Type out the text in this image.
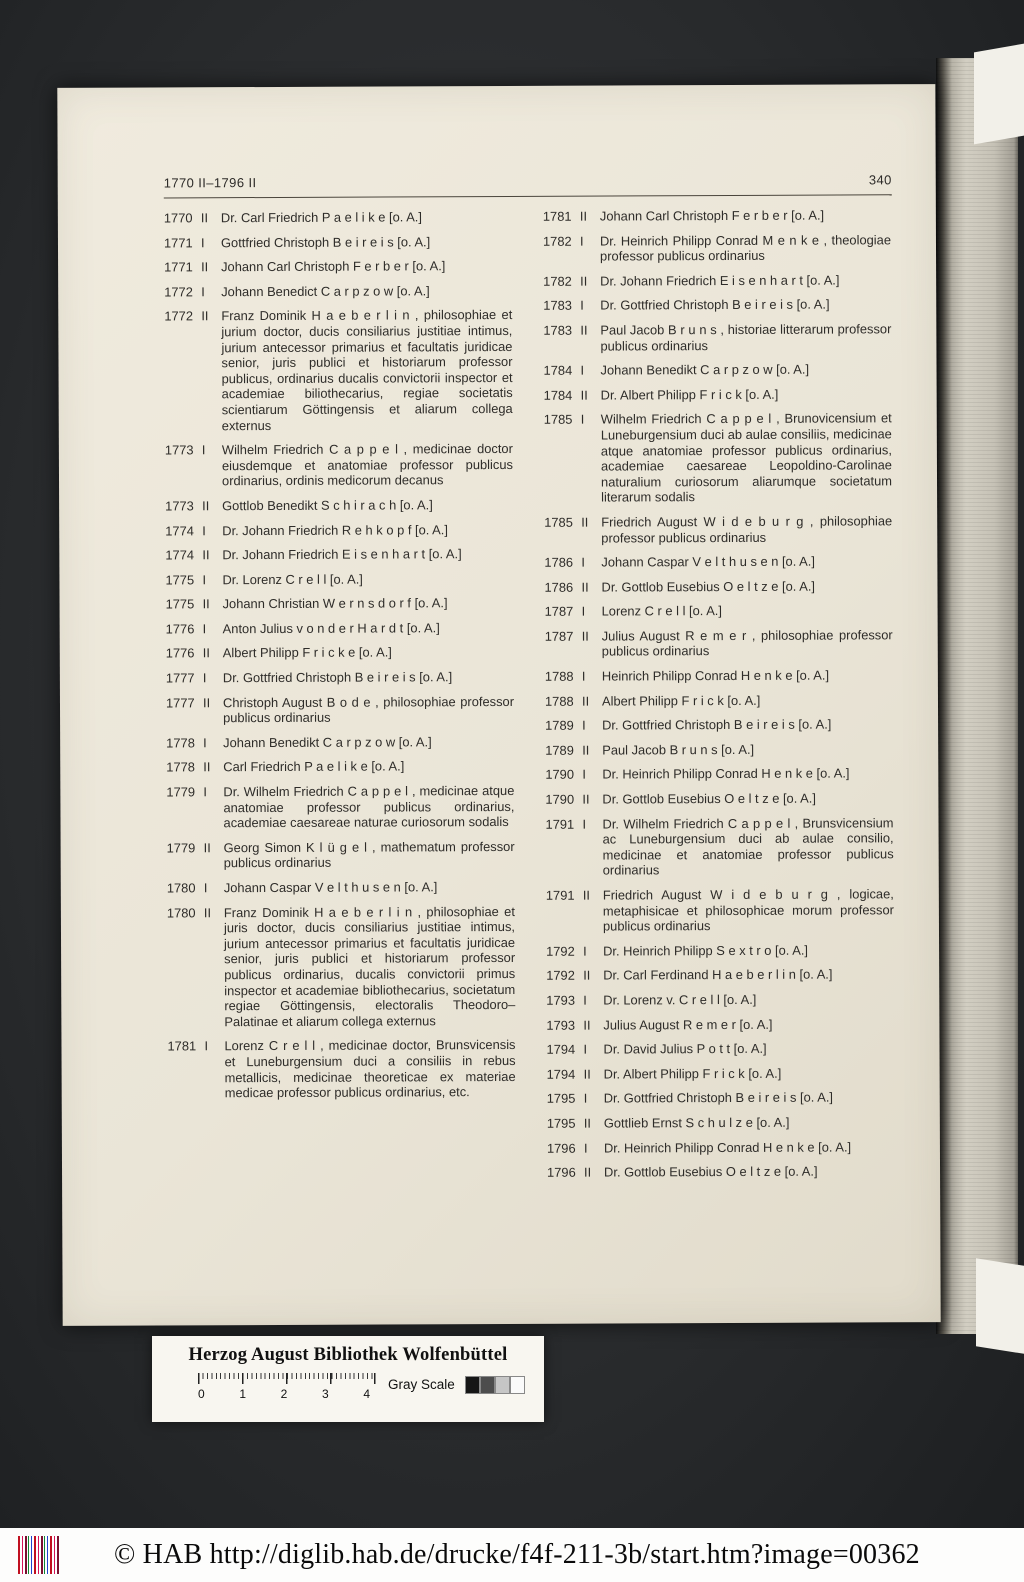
1770 II–1796 II	340
1770 II Dr. Carl Friedrich P a e l i k e [o. A.]
1771 I	Gottfried Christoph B e i r e i s [o. A.]
1771 II Johann Carl Christoph F e r b e r [o. A.]
1772 I	Johann Benedict C a r p z o w [o. A.]
1772 II Franz Dominik H a e b e r l i n , philosophiae et jurium doctor, ducis consiliarius justitiae intimus, jurium antecessor primarius et facultatis juridicae senior, juris publici et historiarum professor publicus, ordinarius ducalis convictorii inspector et academiae biliothecarius, regiae societatis scientiarum Göttingensis et aliarum collega externus
1773 I	Wilhelm Friedrich C a p p e l , medicinae doctor eiusdemque et anatomiae professor publicus ordinarius, ordinis medicorum decanus
1773 II Gottlob Benedikt S c h i r a c h [o. A.]
1774 I	Dr. Johann Friedrich R e h k o p f [o. A.]
1774 II Dr. Johann Friedrich E i s e n h a r t [o. A.]
1775 I	Dr. Lorenz C r e l l [o. A.]
1775 II Johann Christian W e r n s d o r f [o. A.]
1776 I	Anton Julius v o n d e r H a r d t [o. A.]
1776 II Albert Philipp F r i c k e [o. A.]
1777 I	Dr. Gottfried Christoph B e i r e i s [o. A.]
1777 II Christoph August B o d e , philosophiae professor publicus ordinarius
1778 I	Johann Benedikt C a r p z o w [o. A.]
1778 II Carl Friedrich P a e l i k e [o. A.]
1779 I	Dr. Wilhelm Friedrich C a p p e l , medicinae atque anatomiae professor publicus ordinarius, academiae caesareae naturae curiosorum sodalis
1779 II Georg Simon K l ü g e l , mathematum professor publicus ordinarius
1780 I	Johann Caspar V e l t h u s e n [o. A.]
1780 II Franz Dominik H a e b e r l i n , philosophiae et juris doctor, ducis consiliarius justitiae intimus, jurium antecessor primarius et facultatis juridicae senior, juris publici et historiarum professor publicus ordinarius, ducalis convictorii primus inspector et academiae bibliothecarius, societatum regiae Göttingensis, electoralis Theodoro–Palatinae et aliarum collega externus
1781 I	Lorenz C r e l l , medicinae doctor, Brunsvicensis et Luneburgensium duci a consiliis in rebus metallicis, medicinae theoreticae ex materiae medicae professor publicus ordinarius, etc.
1781 II Johann Carl Christoph F e r b e r [o. A.]
1782 I	Dr. Heinrich Philipp Conrad M e n k e , theologiae professor publicus ordinarius
1782 II Dr. Johann Friedrich E i s e n h a r t [o. A.]
1783 I	Dr. Gottfried Christoph B e i r e i s [o. A.]
1783 II Paul Jacob B r u n s , historiae litterarum professor publicus ordinarius
1784 I	Johann Benedikt C a r p z o w [o. A.]
1784 II Dr. Albert Philipp F r i c k [o. A.]
1785 I	Wilhelm Friedrich C a p p e l , Brunovicensium et Luneburgensium duci ab aulae consiliis, medicinae atque anatomiae professor publicus ordinarius, academiae caesareae Leopoldino-Carolinae naturalium curiosorum aliarumque societatum literarum sodalis
1785 II Friedrich August W i d e b u r g , philosophiae professor publicus ordinarius
1786 I	Johann Caspar V e l t h u s e n [o. A.]
1786 II Dr. Gottlob Eusebius O e l t z e [o. A.]
1787 I	Lorenz C r e l l [o. A.]
1787 II Julius August R e m e r , philosophiae professor publicus ordinarius
1788 I	Heinrich Philipp Conrad H e n k e [o. A.]
1788 II Albert Philipp F r i c k [o. A.]
1789 I	Dr. Gottfried Christoph B e i r e i s [o. A.]
1789 II Paul Jacob B r u n s [o. A.]
1790 I	Dr. Heinrich Philipp Conrad H e n k e [o. A.]
1790 II Dr. Gottlob Eusebius O e l t z e [o. A.]
1791 I	Dr. Wilhelm Friedrich C a p p e l , Brunsvicensium ac Luneburgensium duci ab aulae consilio, medicinae et anatomiae professor publicus ordinarius
1791 II Friedrich August W i d e b u r g , logicae, metaphisicae et philosophicae morum professor publicus ordinarius
1792 I	Dr. Heinrich Philipp S e x t r o [o. A.]
1792 II Dr. Carl Ferdinand H a e b e r l i n [o. A.]
1793 I	Dr. Lorenz v. C r e l l [o. A.]
1793 II Julius August R e m e r [o. A.]
1794 I	Dr. David Julius P o t t [o. A.]
1794 II Dr. Albert Philipp F r i c k [o. A.]
1795 I	Dr. Gottfried Christoph B e i r e i s [o. A.]
1795 II Gottlieb Ernst S c h u l z e [o. A.]
1796 I	Dr. Heinrich Philipp Conrad H e n k e [o. A.]
1796 II Dr. Gottlob Eusebius O e l t z e [o. A.]
Herzog August Bibliothek Wolfenbüttel
0	1	2	3	4
Gray Scale
© HAB http://diglib.hab.de/drucke/f4f-211-3b/start.htm?image=00362
